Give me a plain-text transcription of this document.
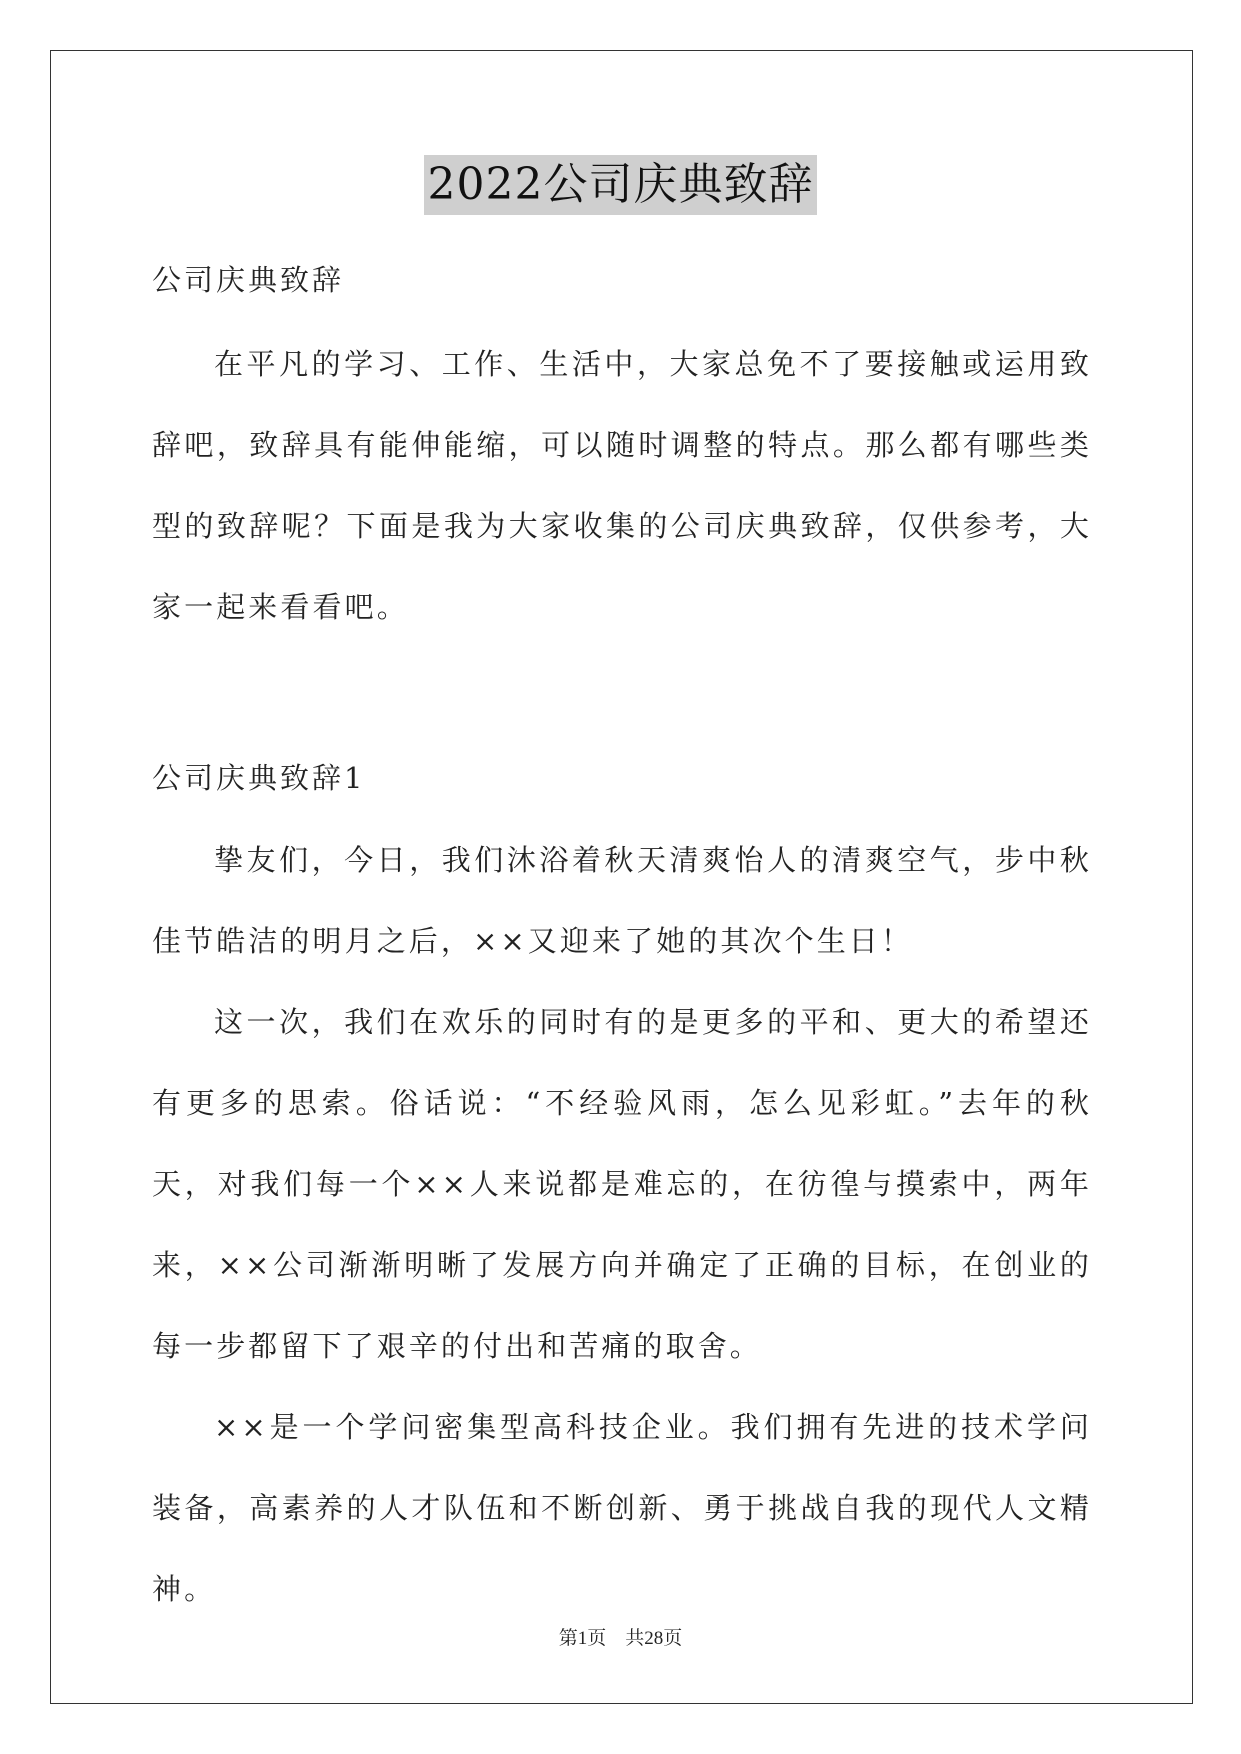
2022公司庆典致辞

公司庆典致辞

在平凡的学习、工作、生活中，大家总免不了要接触或运用致辞吧，致辞具有能伸能缩，可以随时调整的特点。那么都有哪些类型的致辞呢？下面是我为大家收集的公司庆典致辞，仅供参考，大家一起来看看吧。

公司庆典致辞1

挚友们，今日，我们沐浴着秋天清爽怡人的清爽空气，步中秋佳节皓洁的明月之后，××又迎来了她的其次个生日！

这一次，我们在欢乐的同时有的是更多的平和、更大的希望还有更多的思索。俗话说：“不经验风雨，怎么见彩虹。”去年的秋天，对我们每一个××人来说都是难忘的，在彷徨与摸索中，两年来，××公司渐渐明晰了发展方向并确定了正确的目标，在创业的每一步都留下了艰辛的付出和苦痛的取舍。

××是一个学问密集型高科技企业。我们拥有先进的技术学问装备，高素养的人才队伍和不断创新、勇于挑战自我的现代人文精神。

第1页 共28页
